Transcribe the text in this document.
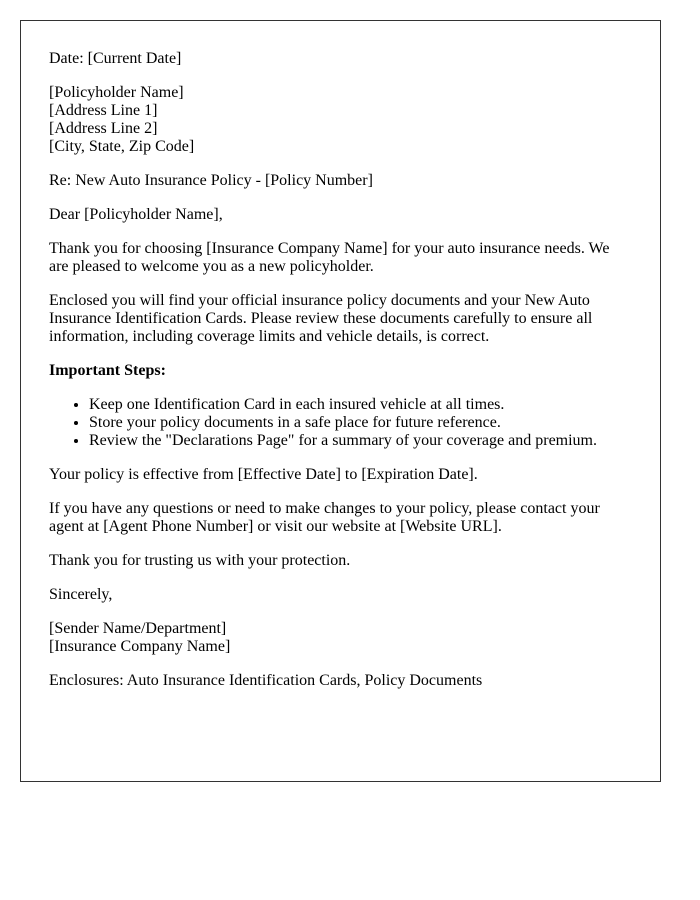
Date: [Current Date]

[Policyholder Name]
[Address Line 1]
[Address Line 2]
[City, State, Zip Code]

Re: New Auto Insurance Policy - [Policy Number]

Dear [Policyholder Name],

Thank you for choosing [Insurance Company Name] for your auto insurance needs. We are pleased to welcome you as a new policyholder.

Enclosed you will find your official insurance policy documents and your New Auto Insurance Identification Cards. Please review these documents carefully to ensure all information, including coverage limits and vehicle details, is correct.

Important Steps:

• Keep one Identification Card in each insured vehicle at all times.
• Store your policy documents in a safe place for future reference.
• Review the "Declarations Page" for a summary of your coverage and premium.

Your policy is effective from [Effective Date] to [Expiration Date].

If you have any questions or need to make changes to your policy, please contact your agent at [Agent Phone Number] or visit our website at [Website URL].

Thank you for trusting us with your protection.

Sincerely,

[Sender Name/Department]
[Insurance Company Name]

Enclosures: Auto Insurance Identification Cards, Policy Documents
